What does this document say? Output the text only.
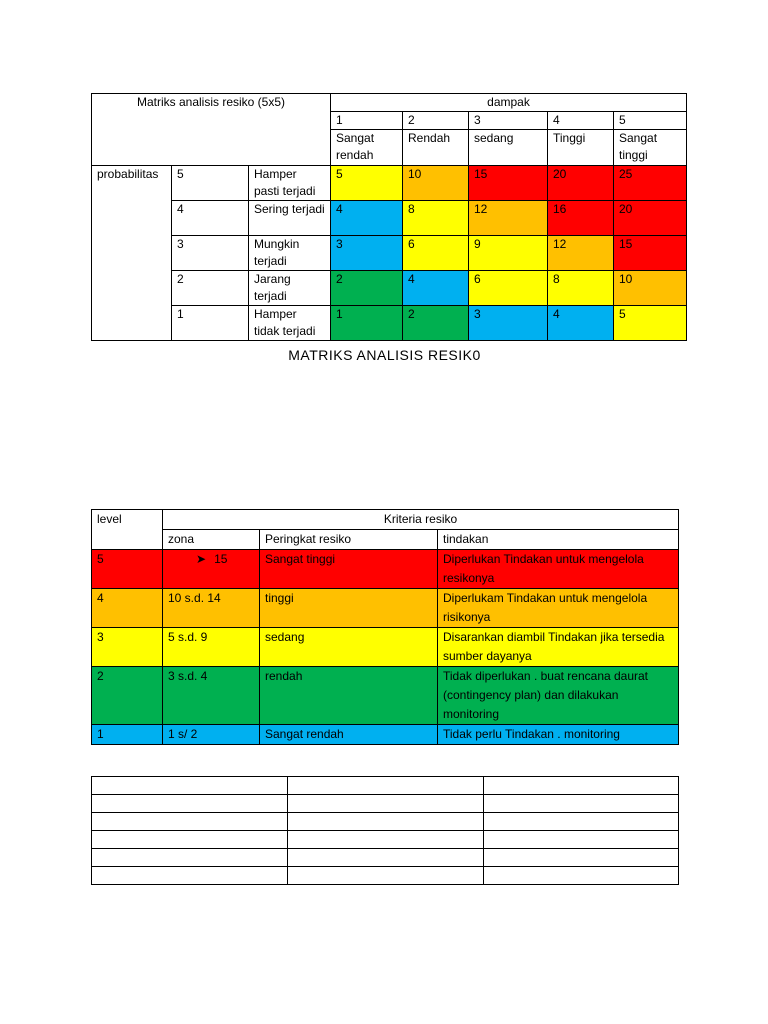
Matriks analisis resiko (5x5)			dampak				
			1	2	3	4	5
			Sangat rendah	Rendah	sedang	Tinggi	Sangat tinggi
probabilitas	5	Hamper pasti terjadi	5	10	15	20	25
	4	Sering terjadi	4	8	12	16	20
	3	Mungkin terjadi	3	6	9	12	15
	2	Jarang terjadi	2	4	6	8	10
	1	Hamper tidak terjadi	1	2	3	4	5
MATRIKS ANALISIS RESIK0
level	Kriteria resiko		
	zona	Peringkat resiko	tindakan
5	➤ 15	Sangat tinggi	Diperlukan Tindakan untuk mengelola resikonya
4	10 s.d. 14	tinggi	Diperlukam Tindakan untuk mengelola risikonya
3	5 s.d. 9	sedang	Disarankan diambil Tindakan jika tersedia sumber dayanya
2	3 s.d. 4	rendah	Tidak diperlukan . buat rencana daurat (contingency plan) dan dilakukan monitoring
1	1 s/ 2	Sangat rendah	Tidak perlu Tindakan . monitoring
